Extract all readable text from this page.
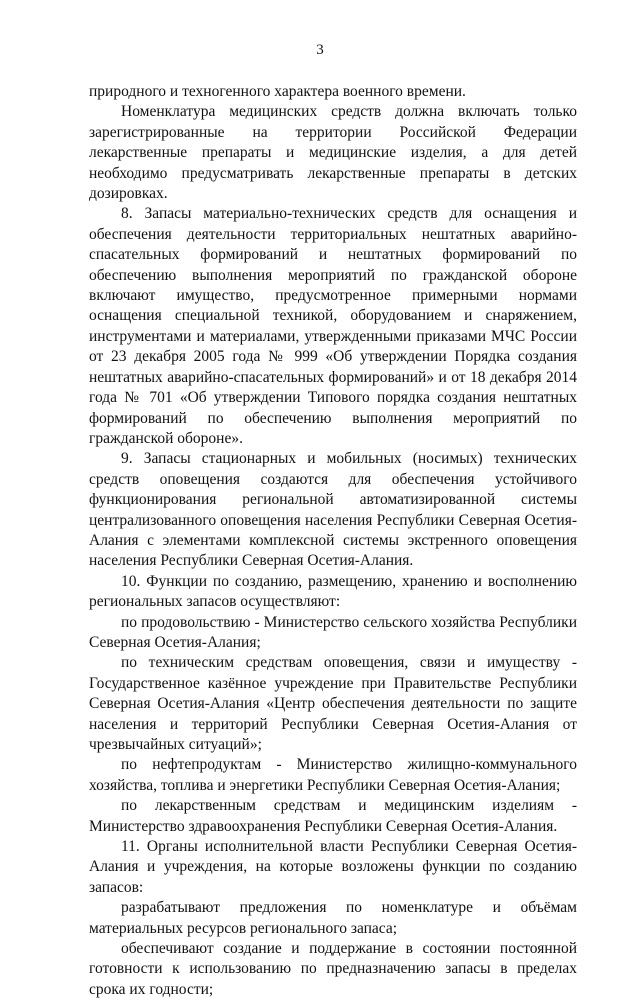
3

природного и техногенного характера военного времени.

Номенклатура медицинских средств должна включать только зарегистрированные на территории Российской Федерации лекарственные препараты и медицинские изделия, а для детей необходимо предусматривать лекарственные препараты в детских дозировках.

8. Запасы материально-технических средств для оснащения и обеспечения деятельности территориальных нештатных аварийно-спасательных формирований и нештатных формирований по обеспечению выполнения мероприятий по гражданской обороне включают имущество, предусмотренное примерными нормами оснащения специальной техникой, оборудованием и снаряжением, инструментами и материалами, утвержденными приказами МЧС России от 23 декабря 2005 года № 999 «Об утверждении Порядка создания нештатных аварийно-спасательных формирований» и от 18 декабря 2014 года № 701 «Об утверждении Типового порядка создания нештатных формирований по обеспечению выполнения мероприятий по гражданской обороне».

9. Запасы стационарных и мобильных (носимых) технических средств оповещения создаются для обеспечения устойчивого функционирования региональной автоматизированной системы централизованного оповещения населения Республики Северная Осетия-Алания с элементами комплексной системы экстренного оповещения населения Республики Северная Осетия-Алания.

10. Функции по созданию, размещению, хранению и восполнению региональных запасов осуществляют:

по продовольствию - Министерство сельского хозяйства Республики Северная Осетия-Алания;

по техническим средствам оповещения, связи и имуществу - Государственное казённое учреждение при Правительстве Республики Северная Осетия-Алания «Центр обеспечения деятельности по защите населения и территорий Республики Северная Осетия-Алания от чрезвычайных ситуаций»;

по нефтепродуктам - Министерство жилищно-коммунального хозяйства, топлива и энергетики Республики Северная Осетия-Алания;

по лекарственным средствам и медицинским изделиям - Министерство здравоохранения Республики Северная Осетия-Алания.

11. Органы исполнительной власти Республики Северная Осетия-Алания и учреждения, на которые возложены функции по созданию запасов:

разрабатывают предложения по номенклатуре и объёмам материальных ресурсов регионального запаса;

обеспечивают создание и поддержание в состоянии постоянной готовности к использованию по предназначению запасы в пределах срока их годности;
